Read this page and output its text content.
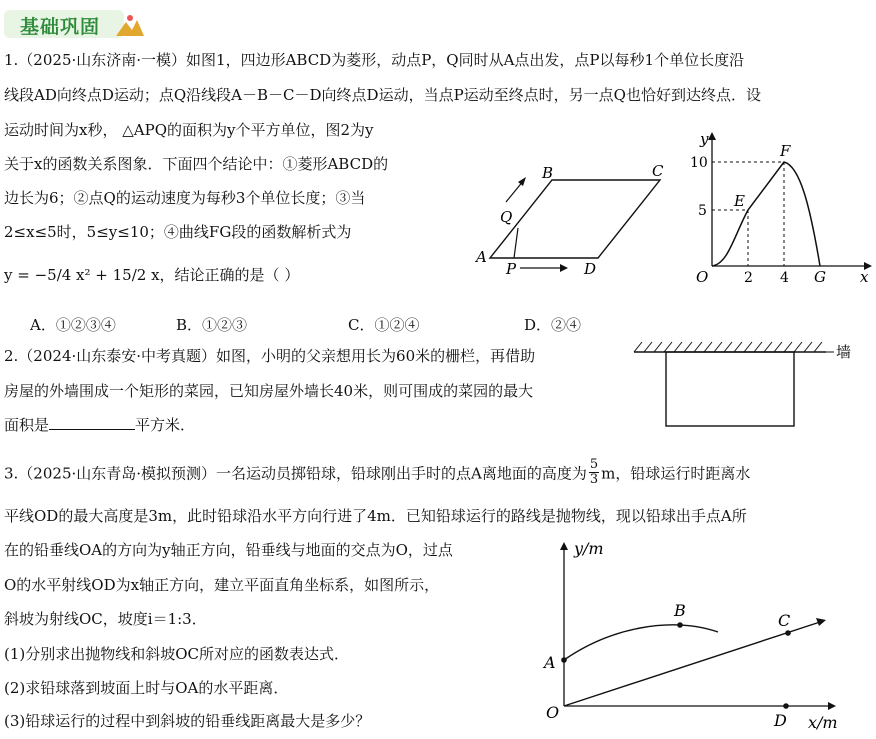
基础巩固
1.（2025·山东济南·一模）如图1，四边形ABCD为菱形，动点P，Q同时从A点出发，点P以每秒1个单位长度沿
线段AD向终点D运动；点Q沿线段A－B－C－D向终点D运动，当点P运动至终点时，另一点Q也恰好到达终点．设
运动时间为x秒， △APQ的面积为y个平方单位，图2为y
关于x的函数关系图象．下面四个结论中：①菱形ABCD的
边长为6；②点Q的运动速度为每秒3个单位长度；③当
2≤x≤5时，5≤y≤10；④曲线FG段的函数解析式为
y = −5/4 x² + 15/2 x，结论正确的是（ ）
A．①②③④	B．①②③	C．①②④	D．②④
A
B	C
D
P
Q
y
x
O
E
F
G
2 4
5
10
2.（2024·山东泰安·中考真题）如图，小明的父亲想用长为60米的栅栏，再借助
房屋的外墙围成一个矩形的菜园，已知房屋外墙长40米，则可围成的菜园的最大
面积是	平方米．
墙
3.（2025·山东青岛·模拟预测）一名运动员掷铅球，铅球刚出手时的点A离地面的高度为 $\frac{5}{3}$ m，铅球运行时距离水
平线OD的最大高度是3m，此时铅球沿水平方向行进了4m．已知铅球运行的路线是抛物线，现以铅球出手点A所
在的铅垂线OA的方向为y轴正方向，铅垂线与地面的交点为O，过点
O的水平射线OD为x轴正方向，建立平面直角坐标系，如图所示，
斜坡为射线OC，坡度i＝1:3．
(1)分别求出抛物线和斜坡OC所对应的函数表达式．
(2)求铅球落到坡面上时与OA的水平距离．
(3)铅球运行的过程中到斜坡的铅垂线距离最大是多少？
y/m
x/m
O
A
B
C
D
